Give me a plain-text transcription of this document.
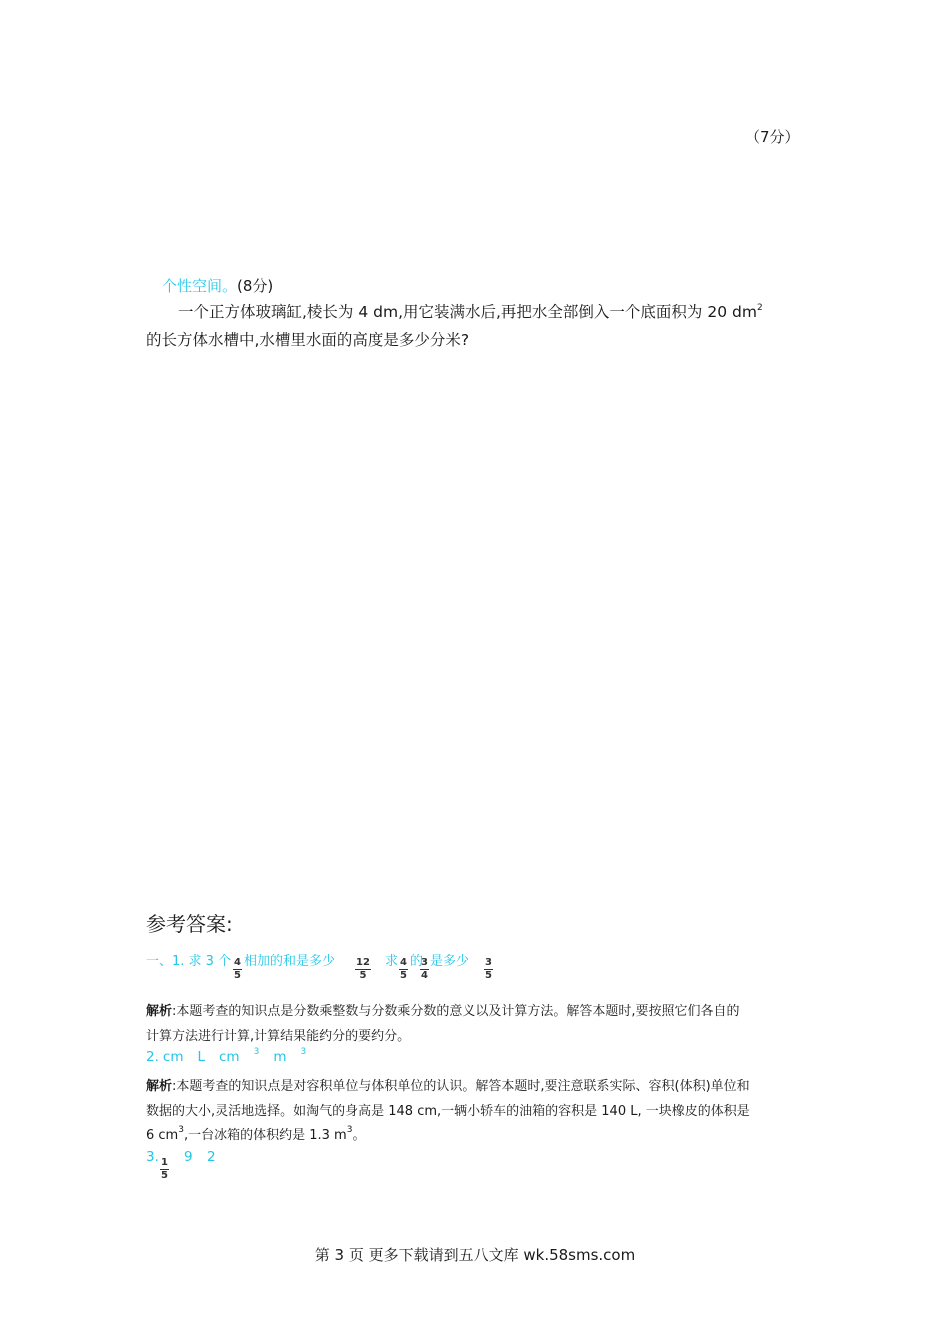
（7分）
个性空间。(8分)
一个正方体玻璃缸,棱长为 4 dm,用它装满水后,再把水全部倒入一个底面积为 20 $dm^2$
的长方体水槽中,水槽里水面的高度是多少分米?
参考答案:
一、1. 求 3 个 相加的和是多少	求 的 是多少
4
5
12
5
4
5
3
4
3
5
解析:本题考查的知识点是分数乘整数与分数乘分数的意义以及计算方法。解答本题时,要按照它们各自的
计算方法进行计算,计算结果能约分的要约分。
2. cm L cm $^3$ m $^3$
解析:本题考查的知识点是对容积单位与体积单位的认识。解答本题时,要注意联系实际、容积(体积)单位和
数据的大小,灵活地选择。如淘气的身高是 148 cm,一辆小轿车的油箱的容积是 140 L, 一块橡皮的体积是
6 $cm^3$,一台冰箱的体积约是 1.3 $m^3$。
3. 1
5
9 2
第 3 页 更多下载请到五八文库 wk.58sms.com
